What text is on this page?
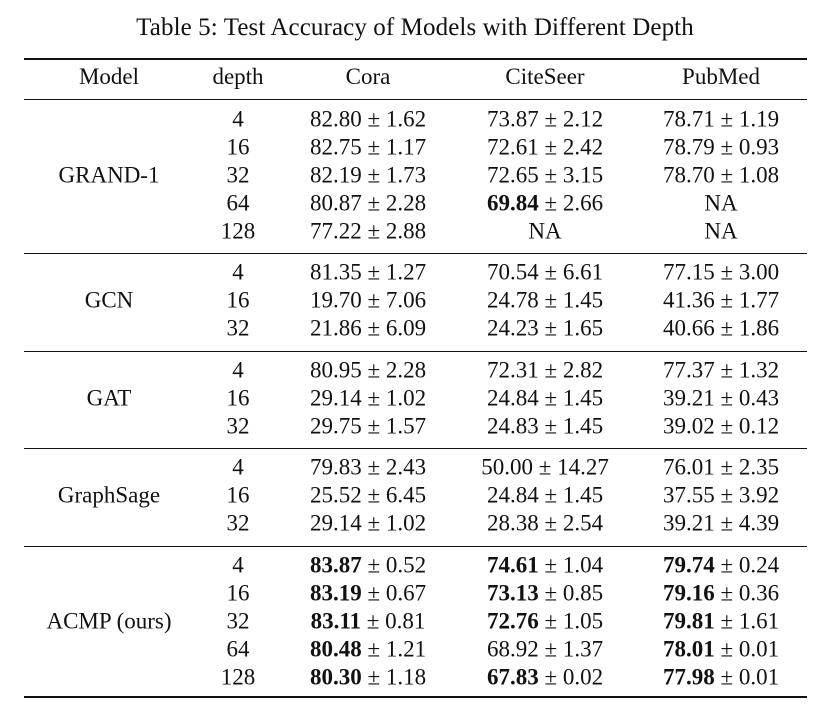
Table 5: Test Accuracy of Models with Different Depth
Model	depth	Cora	CiteSeer	PubMed
GRAND-1
4	82.80 ± 1.62	73.87 ± 2.12	78.71 ± 1.19
16	82.75 ± 1.17	72.61 ± 2.42	78.79 ± 0.93
32	82.19 ± 1.73	72.65 ± 3.15	78.70 ± 1.08
64	80.87 ± 2.28	69.84 ± 2.66	NA
128 77.22 ± 2.88	NA	NA
GCN
4	81.35 ± 1.27	70.54 ± 6.61	77.15 ± 3.00
16	19.70 ± 7.06	24.78 ± 1.45	41.36 ± 1.77
32	21.86 ± 6.09	24.23 ± 1.65	40.66 ± 1.86
GAT
4	80.95 ± 2.28	72.31 ± 2.82	77.37 ± 1.32
16	29.14 ± 1.02	24.84 ± 1.45	39.21 ± 0.43
32	29.75 ± 1.57	24.83 ± 1.45	39.02 ± 0.12
GraphSage
4	79.83 ± 2.43 50.00 ± 14.27 76.01 ± 2.35
16	25.52 ± 6.45	24.84 ± 1.45	37.55 ± 3.92
32	29.14 ± 1.02	28.38 ± 2.54	39.21 ± 4.39
ACMP (ours)
4	83.87 ± 0.52	74.61 ± 1.04	79.74 ± 0.24
16	83.19 ± 0.67	73.13 ± 0.85	79.16 ± 0.36
32	83.11 ± 0.81	72.76 ± 1.05	79.81 ± 1.61
64	80.48 ± 1.21	68.92 ± 1.37	78.01 ± 0.01
128 80.30 ± 1.18	67.83 ± 0.02	77.98 ± 0.01
